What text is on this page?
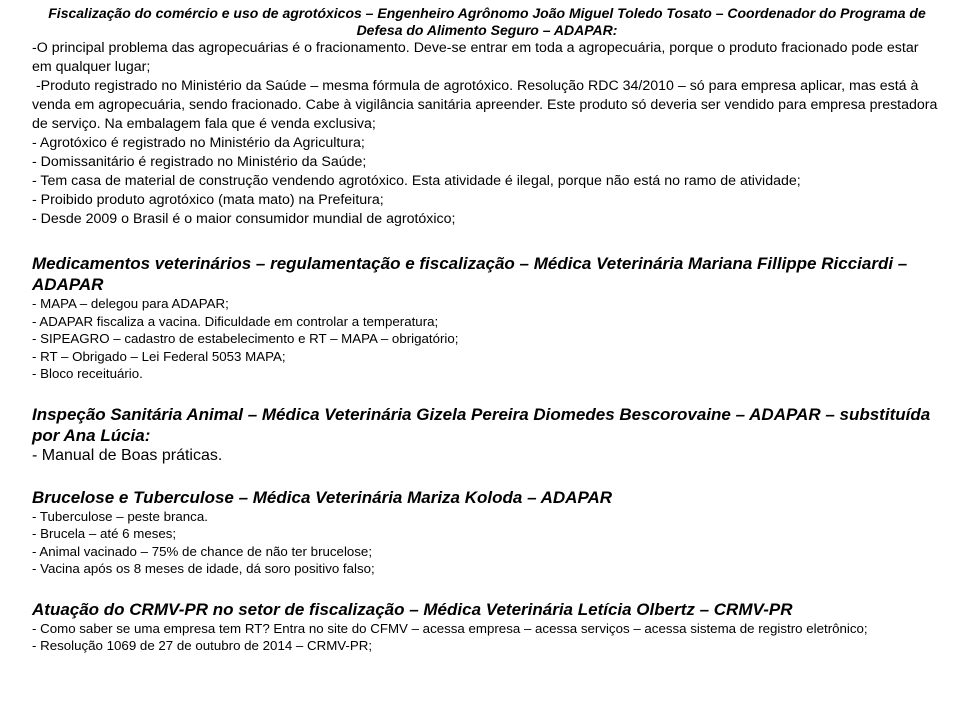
Fiscalização do comércio e uso de agrotóxicos – Engenheiro Agrônomo João Miguel Toledo Tosato – Coordenador do Programa de Defesa do Alimento Seguro – ADAPAR:

-O principal problema das agropecuárias é o fracionamento. Deve-se entrar em toda a agropecuária, porque o produto fracionado pode estar em qualquer lugar;

-Produto registrado no Ministério da Saúde – mesma fórmula de agrotóxico. Resolução RDC 34/2010 – só para empresa aplicar, mas está à venda em agropecuária, sendo fracionado. Cabe à vigilância sanitária apreender. Este produto só deveria ser vendido para empresa prestadora de serviço. Na embalagem fala que é venda exclusiva;

- Agrotóxico é registrado no Ministério da Agricultura;

- Domissanitário é registrado no Ministério da Saúde;

- Tem casa de material de construção vendendo agrotóxico. Esta atividade é ilegal, porque não está no ramo de atividade;

- Proibido produto agrotóxico (mata mato) na Prefeitura;

- Desde 2009 o Brasil é o maior consumidor mundial de agrotóxico;

Medicamentos veterinários – regulamentação e fiscalização – Médica Veterinária Mariana Fillippe Ricciardi – ADAPAR

- MAPA – delegou para ADAPAR;

- ADAPAR fiscaliza a vacina. Dificuldade em controlar a temperatura;

- SIPEAGRO – cadastro de estabelecimento e RT – MAPA – obrigatório;

- RT – Obrigado – Lei Federal 5053 MAPA;

- Bloco receituário.

Inspeção Sanitária Animal – Médica Veterinária Gizela Pereira Diomedes Bescorovaine – ADAPAR – substituída por Ana Lúcia:

- Manual de Boas práticas.

Brucelose e Tuberculose – Médica Veterinária Mariza Koloda – ADAPAR

- Tuberculose – peste branca.

- Brucela – até 6 meses;

- Animal vacinado – 75% de chance de não ter brucelose;

- Vacina após os 8 meses de idade, dá soro positivo falso;

Atuação do CRMV-PR no setor de fiscalização – Médica Veterinária Letícia Olbertz – CRMV-PR

- Como saber se uma empresa tem RT? Entra no site do CFMV – acessa empresa – acessa serviços – acessa sistema de registro eletrônico;

- Resolução 1069 de 27 de outubro de 2014 – CRMV-PR;
